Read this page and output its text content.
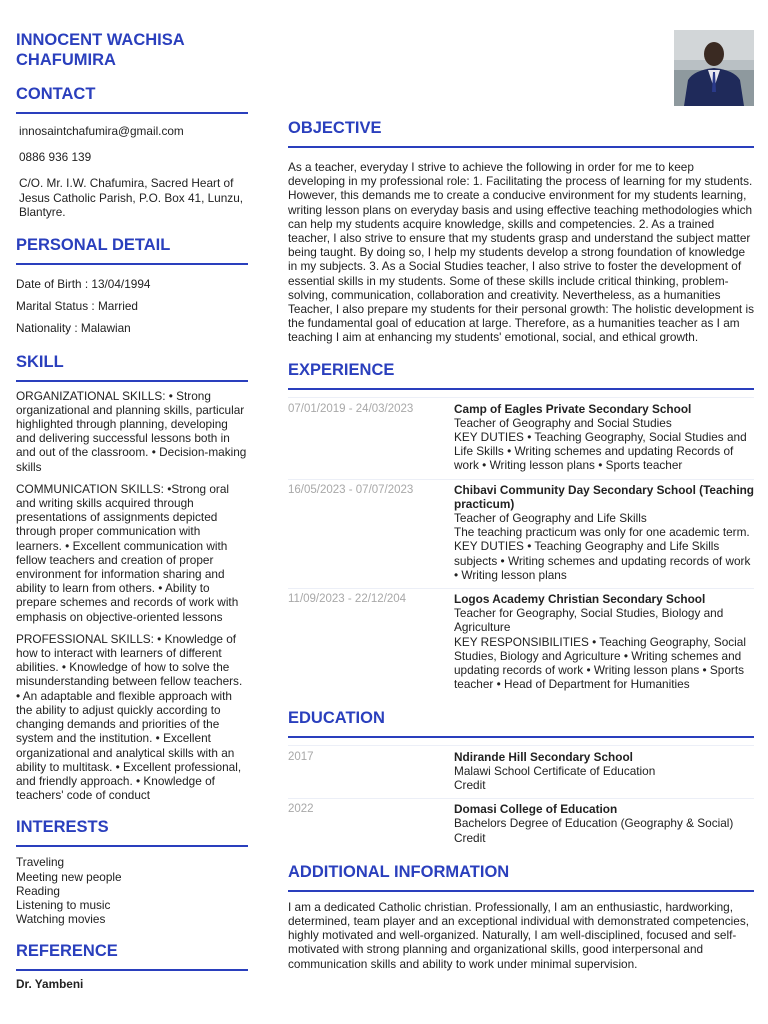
INNOCENT WACHISA CHAFUMIRA
CONTACT
innosaintchafumira@gmail.com
0886 936 139
C/O. Mr. I.W. Chafumira, Sacred Heart of Jesus Catholic Parish, P.O. Box 41, Lunzu, Blantyre.
PERSONAL DETAIL
Date of Birth : 13/04/1994
Marital Status : Married
Nationality : Malawian
SKILL
ORGANIZATIONAL SKILLS: • Strong organizational and planning skills, particular highlighted through planning, developing and delivering successful lessons both in and out of the classroom. • Decision-making skills
COMMUNICATION SKILLS: •Strong oral and writing skills acquired through presentations of assignments depicted through proper communication with learners. • Excellent communication with fellow teachers and creation of proper environment for information sharing and ability to learn from others. • Ability to prepare schemes and records of work with emphasis on objective-oriented lessons
PROFESSIONAL SKILLS: • Knowledge of how to interact with learners of different abilities. • Knowledge of how to solve the misunderstanding between fellow teachers. • An adaptable and flexible approach with the ability to adjust quickly according to changing demands and priorities of the system and the institution. • Excellent organizational and analytical skills with an ability to multitask. • Excellent professional, and friendly approach. • Knowledge of teachers' code of conduct
INTERESTS
Traveling
Meeting new people
Reading
Listening to music
Watching movies
REFERENCE
Dr. Yambeni
OBJECTIVE
As a teacher, everyday I strive to achieve the following in order for me to keep developing in my professional role: 1. Facilitating the process of learning for my students. However, this demands me to create a conducive environment for my students learning, writing lesson plans on everyday basis and using effective teaching methodologies which can help my students acquire knowledge, skills and competencies. 2. As a trained teacher, I also strive to ensure that my students grasp and understand the subject matter being taught. By doing so, I help my students develop a strong foundation of knowledge in my subjects. 3. As a Social Studies teacher, I also strive to foster the development of essential skills in my students. Some of these skills include critical thinking, problem-solving, communication, collaboration and creativity. Nevertheless, as a humanities Teacher, I also prepare my students for their personal growth: The holistic development is the fundamental goal of education at large. Therefore, as a humanities teacher as I am teaching I aim at enhancing my students' emotional, social, and ethical growth.
EXPERIENCE
07/01/2019 - 24/03/2023	Camp of Eagles Private Secondary School
Teacher of Geography and Social Studies
KEY DUTIES • Teaching Geography, Social Studies and Life Skills • Writing schemes and updating Records of work • Writing lesson plans • Sports teacher
16/05/2023 - 07/07/2023	Chibavi Community Day Secondary School (Teaching practicum)
Teacher of Geography and Life Skills
The teaching practicum was only for one academic term. KEY DUTIES • Teaching Geography and Life Skills subjects • Writing schemes and updating records of work • Writing lesson plans
11/09/2023 - 22/12/204	Logos Academy Christian Secondary School
Teacher for Geography, Social Studies, Biology and Agriculture
KEY RESPONSIBILITIES • Teaching Geography, Social Studies, Biology and Agriculture • Writing schemes and updating records of work • Writing lesson plans • Sports teacher • Head of Department for Humanities
EDUCATION
2017	Ndirande Hill Secondary School
Malawi School Certificate of Education
Credit
2022	Domasi College of Education
Bachelors Degree of Education (Geography & Social)
Credit
ADDITIONAL INFORMATION
I am a dedicated Catholic christian. Professionally, I am an enthusiastic, hardworking, determined, team player and an exceptional individual with demonstrated competencies, highly motivated and well-organized. Naturally, I am well-disciplined, focused and self-motivated with strong planning and organizational skills, good interpersonal and communication skills and ability to work under minimal supervision.
